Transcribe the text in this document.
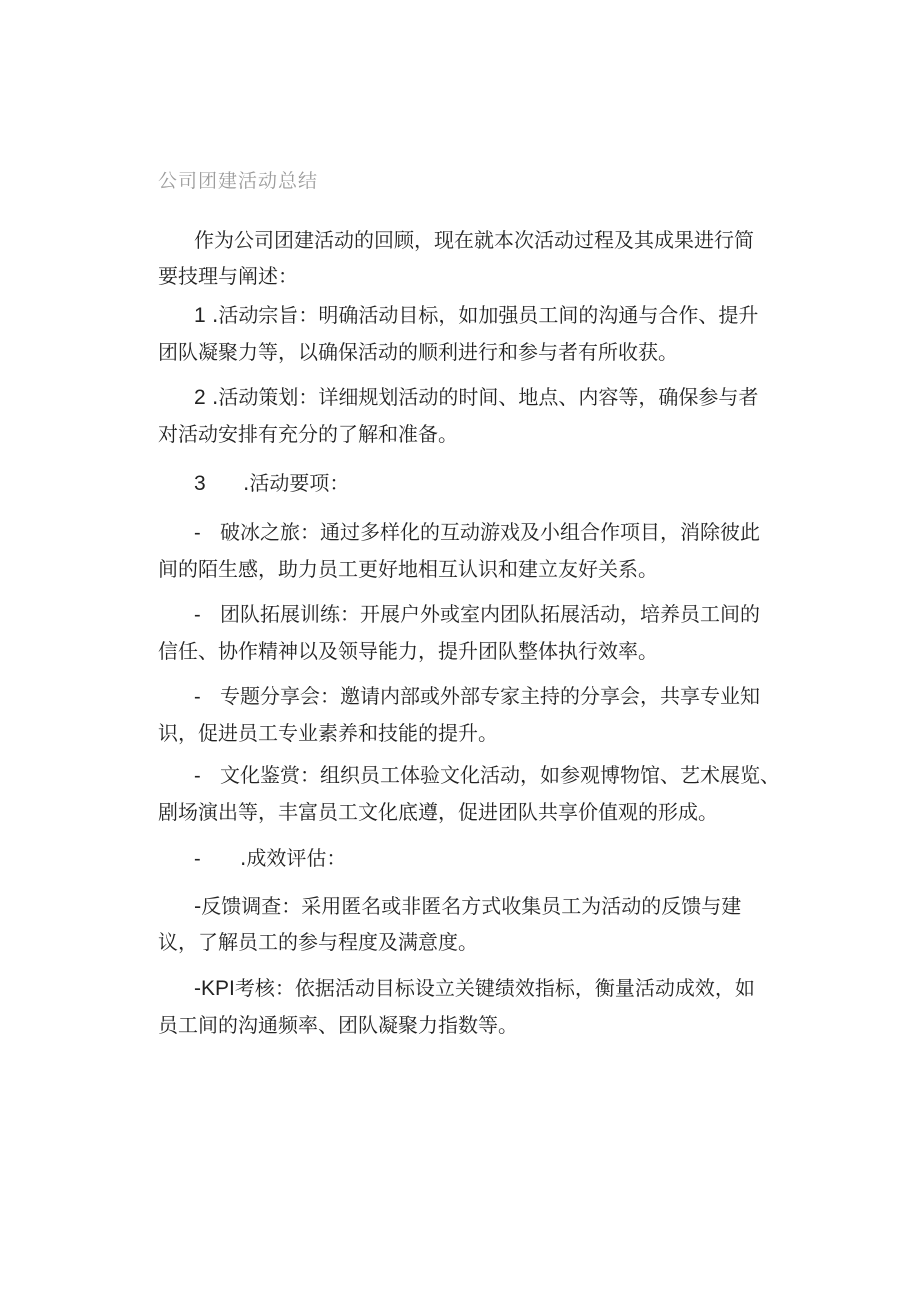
公司团建活动总结
作为公司团建活动的回顾，现在就本次活动过程及其成果进行简
要技理与阐述：
1 .活动宗旨：明确活动目标，如加强员工间的沟通与合作、提升
团队凝聚力等，以确保活动的顺利进行和参与者有所收获。
2 .活动策划：详细规划活动的时间、地点、内容等，确保参与者
对活动安排有充分的了解和准备。
3 .活动要项：
- 破冰之旅：通过多样化的互动游戏及小组合作项目，消除彼此
间的陌生感，助力员工更好地相互认识和建立友好关系。
- 团队拓展训练：开展户外或室内团队拓展活动，培养员工间的
信任、协作精神以及领导能力，提升团队整体执行效率。
- 专题分享会：邀请内部或外部专家主持的分享会，共享专业知
识，促进员工专业素养和技能的提升。
- 文化鉴赏：组织员工体验文化活动，如参观博物馆、艺术展览、
剧场演出等，丰富员工文化底遵，促进团队共享价值观的形成。
- .成效评估：
-反馈调查：采用匿名或非匿名方式收集员工为活动的反馈与建
议，了解员工的参与程度及满意度。
-KPI考核：依据活动目标设立关键绩效指标，衡量活动成效，如
员工间的沟通频率、团队凝聚力指数等。
